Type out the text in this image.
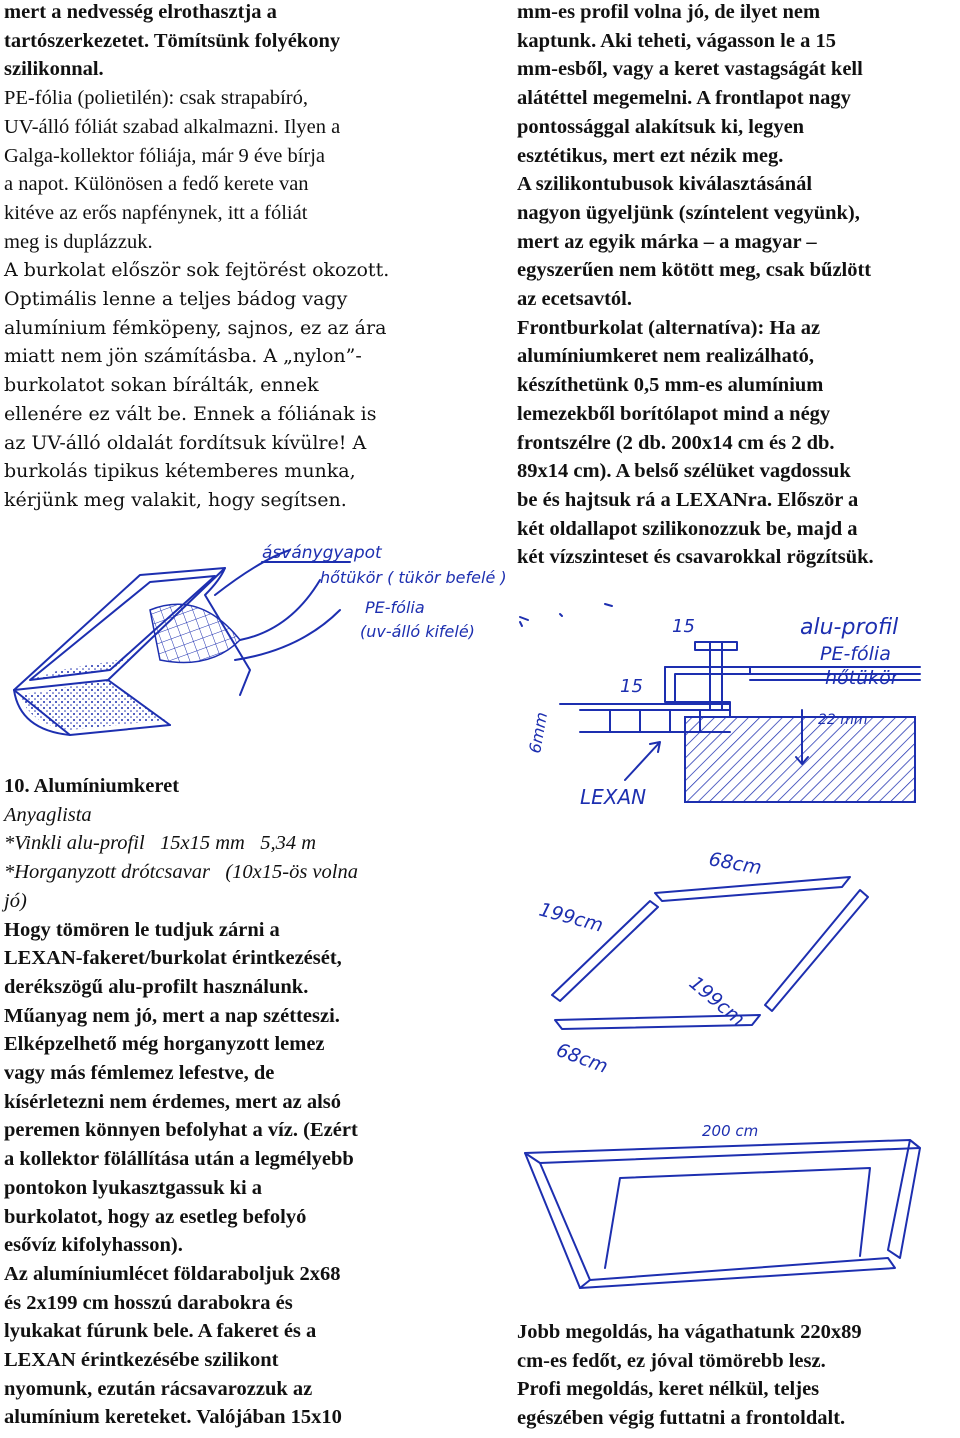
mert a nedvesség elrothasztja a

tartószerkezetet. Tömítsünk folyékony

szilikonnal.

PE-fólia (polietilén): csak strapabíró,

UV-álló fóliát szabad alkalmazni. Ilyen a

Galga-kollektor fóliája, már 9 éve bírja

a napot. Különösen a fedő kerete van

kitéve az erős napfénynek, itt a fóliát

meg is duplázzuk.

A burkolat először sok fejtörést okozott.

Optimális lenne a teljes bádog vagy

alumínium fémköpeny, sajnos, ez az ára

miatt nem jön számításba. A „nylon”-

burkolatot sokan bírálták, ennek

ellenére ez vált be. Ennek a fóliának is

az UV-álló oldalát fordítsuk kívülre! A

burkolás tipikus kétemberes munka,

kérjünk meg valakit, hogy segítsen.

10. Alumíniumkeret

Anyaglista

*Vinkli alu-profil   15x15 mm   5,34 m

*Horganyzott drótcsavar   (10x15-ös volna

jó)

Hogy tömören le tudjuk zárni a

LEXAN-fakeret/burkolat érintkezését,

derékszögű alu-profilt használunk.

Műanyag nem jó, mert a nap szétteszi.

Elképzelhető még horganyzott lemez

vagy más fémlemez lefestve, de

kísérletezni nem érdemes, mert az alsó

peremen könnyen befolyhat a víz. (Ezért

a kollektor fölállítása után a legmélyebb

pontokon lyukasztgassuk ki a

burkolatot, hogy az esetleg befolyó

esővíz kifolyhasson).

Az alumíniumlécet földaraboljuk 2x68

és 2x199 cm hosszú darabokra és

lyukakat fúrunk bele. A fakeret és a

LEXAN érintkezésébe szilikont

nyomunk, ezután rácsavarozzuk az

alumínium kereteket. Valójában 15x10

mm-es profil volna jó, de ilyet nem

kaptunk. Aki teheti, vágasson le a 15

mm-esből, vagy a keret vastagságát kell

alátéttel megemelni. A frontlapot nagy

pontossággal alakítsuk ki, legyen

esztétikus, mert ezt nézik meg.

A szilikontubusok kiválasztásánál

nagyon ügyeljünk (színtelent vegyünk),

mert az egyik márka – a magyar –

egyszerűen nem kötött meg, csak bűzlött

az ecetsavtól.

Frontburkolat (alternatíva): Ha az

alumíniumkeret nem realizálható,

készíthetünk 0,5 mm-es alumínium

lemezekből borítólapot mind a négy

frontszélre (2 db. 200x14 cm és 2 db.

89x14 cm). A belső szélüket vagdossuk

be és hajtsuk rá a LEXANra. Először a

két oldallapot szilikonozzuk be, majd a

két vízszinteset és csavarokkal rögzítsük.

Jobb megoldás, ha vágathatunk 220x89

cm-es fedőt, ez jóval tömörebb lesz.

Profi megoldás, keret nélkül, teljes

egészében végig futtatni a frontoldalt.

ásványgyapot
hőtükör ( tükör befelé )
PE-fólia
(uv-álló kifelé)	15
15
alu-profil
PE-fólia
hőtükör
22 mm
6mm
LEXAN
68cm
199cm
199cm
68cm
200 cm
